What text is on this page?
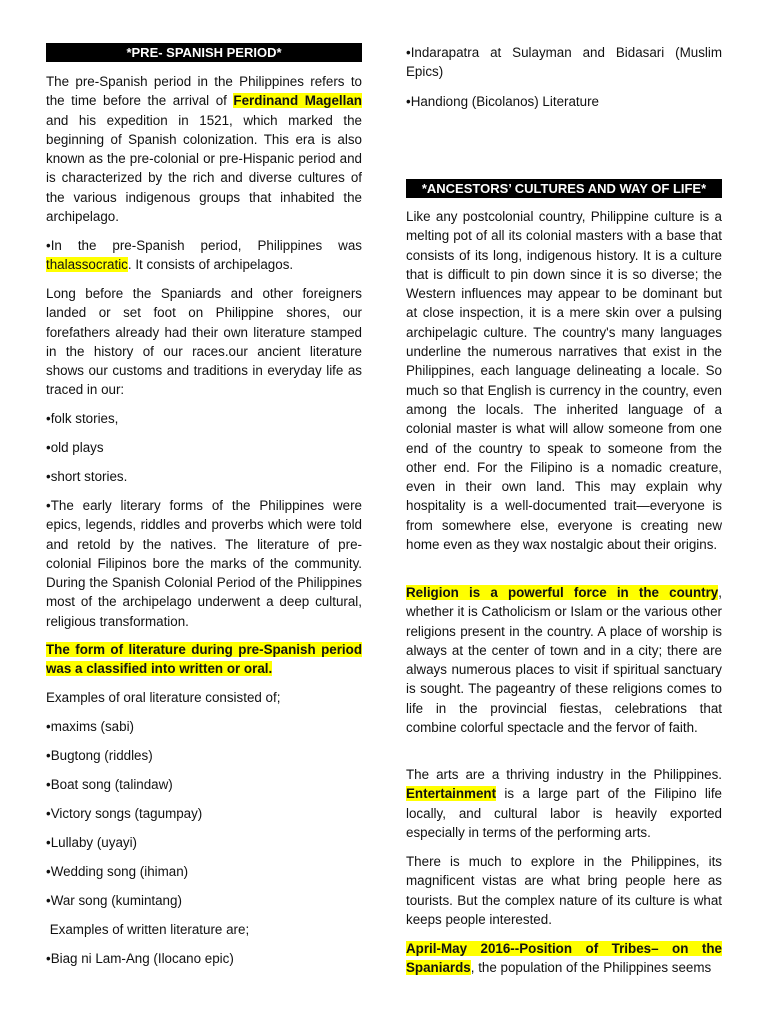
*PRE- SPANISH PERIOD*

The pre-Spanish period in the Philippines refers to the time before the arrival of Ferdinand Magellan and his expedition in 1521, which marked the beginning of Spanish colonization. This era is also known as the pre-colonial or pre-Hispanic period and is characterized by the rich and diverse cultures of the various indigenous groups that inhabited the archipelago.

•In the pre-Spanish period, Philippines was thalassocratic. It consists of archipelagos.

Long before the Spaniards and other foreigners landed or set foot on Philippine shores, our forefathers already had their own literature stamped in the history of our races.our ancient literature shows our customs and traditions in everyday life as traced in our:

•folk stories,

•old plays

•short stories.

•The early literary forms of the Philippines were epics, legends, riddles and proverbs which were told and retold by the natives. The literature of pre-colonial Filipinos bore the marks of the community. During the Spanish Colonial Period of the Philippines most of the archipelago underwent a deep cultural, religious transformation.

The form of literature during pre-Spanish period was a classified into written or oral.

Examples of oral literature consisted of;

•maxims (sabi)

•Bugtong (riddles)

•Boat song (talindaw)

•Victory songs (tagumpay)

•Lullaby (uyayi)

•Wedding song (ihiman)

•War song (kumintang)

Examples of written literature are;

•Biag ni Lam-Ang (Ilocano epic)

•Indarapatra at Sulayman and Bidasari (Muslim Epics)

•Handiong (Bicolanos) Literature

*ANCESTORS’ CULTURES AND WAY OF LIFE*

Like any postcolonial country, Philippine culture is a melting pot of all its colonial masters with a base that consists of its long, indigenous history. It is a culture that is difficult to pin down since it is so diverse; the Western influences may appear to be dominant but at close inspection, it is a mere skin over a pulsing archipelagic culture. The country's many languages underline the numerous narratives that exist in the Philippines, each language delineating a locale. So much so that English is currency in the country, even among the locals. The inherited language of a colonial master is what will allow someone from one end of the country to speak to someone from the other end. For the Filipino is a nomadic creature, even in their own land. This may explain why hospitality is a well-documented trait—everyone is from somewhere else, everyone is creating new home even as they wax nostalgic about their origins.

Religion is a powerful force in the country, whether it is Catholicism or Islam or the various other religions present in the country. A place of worship is always at the center of town and in a city; there are always numerous places to visit if spiritual sanctuary is sought. The pageantry of these religions comes to life in the provincial fiestas, celebrations that combine colorful spectacle and the fervor of faith.

The arts are a thriving industry in the Philippines. Entertainment is a large part of the Filipino life locally, and cultural labor is heavily exported especially in terms of the performing arts.

There is much to explore in the Philippines, its magnificent vistas are what bring people here as tourists. But the complex nature of its culture is what keeps people interested.

April-May 2016--Position of Tribes– on the Spaniards, the population of the Philippines seems
